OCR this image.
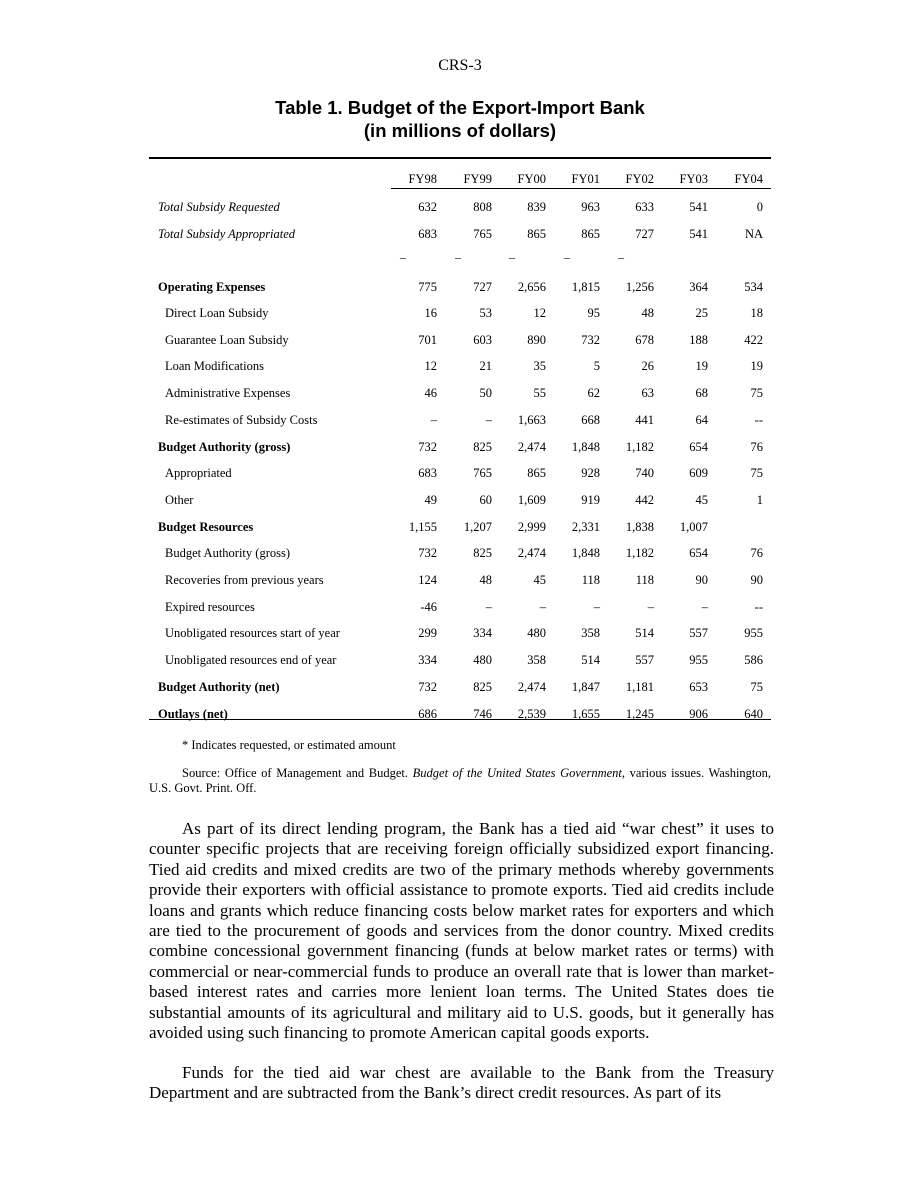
CRS-3
Table 1. Budget of the Export-Import Bank
(in millions of dollars)
FY98	FY99	FY00	FY01	FY02	FY03	FY04
–	–	–	–	–
Total Subsidy Requested	632	808	839	963	633	541	0
Total Subsidy Appropriated	683	765	865	865	727	541	NA
Operating Expenses	775	727	2,656	1,815	1,256	364	534
Direct Loan Subsidy	16	53	12	95	48	25	18
Guarantee Loan Subsidy	701	603	890	732	678	188	422
Loan Modifications	12	21	35	5	26	19	19
Administrative Expenses	46	50	55	62	63	68	75
Re-estimates of Subsidy Costs	–	–	1,663	668	441	64	--
Budget Authority (gross)	732	825	2,474	1,848	1,182	654	76
Appropriated	683	765	865	928	740	609	75
Other	49	60	1,609	919	442	45	1
Budget Resources	1,155	1,207	2,999	2,331	1,838	1,007
Budget Authority (gross)	732	825	2,474	1,848	1,182	654	76
Recoveries from previous years	124	48	45	118	118	90	90
Expired resources	-46	–	–	–	–	–	--
Unobligated resources start of year	299	334	480	358	514	557	955
Unobligated resources end of year	334	480	358	514	557	955	586
Budget Authority (net)	732	825	2,474	1,847	1,181	653	75
Outlays (net)	686	746	2,539	1,655	1,245	906	640
* Indicates requested, or estimated amount
Source: Office of Management and Budget. Budget of the United States Government, various issues. Washington, U.S. Govt. Print. Off.

As part of its direct lending program, the Bank has a tied aid “war chest” it uses to counter specific projects that are receiving foreign officially subsidized export financing. Tied aid credits and mixed credits are two of the primary methods whereby governments provide their exporters with official assistance to promote exports. Tied aid credits include loans and grants which reduce financing costs below market rates for exporters and which are tied to the procurement of goods and services from the donor country. Mixed credits combine concessional government financing (funds at below market rates or terms) with commercial or near-commercial funds to produce an overall rate that is lower than market-based interest rates and carries more lenient loan terms. The United States does tie substantial amounts of its agricultural and military aid to U.S. goods, but it generally has avoided using such financing to promote American capital goods exports.

Funds for the tied aid war chest are available to the Bank from the Treasury Department and are subtracted from the Bank’s direct credit resources. As part of its
